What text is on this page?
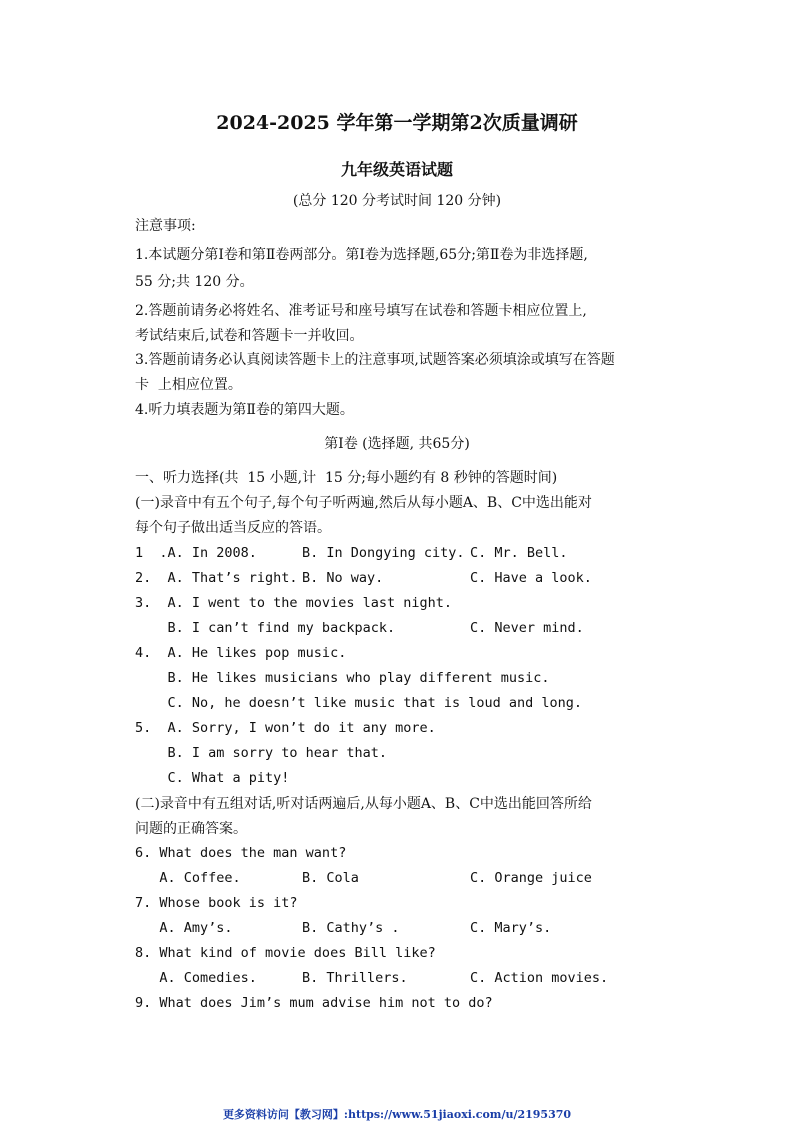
2024-2025 学年第一学期第2次质量调研
九年级英语试题
(总分 120 分考试时间 120 分钟)
注意事项:
1.本试题分第Ⅰ卷和第Ⅱ卷两部分。第Ⅰ卷为选择题,65分;第Ⅱ卷为非选择题,
55 分;共 120 分。
2.答题前请务必将姓名、准考证号和座号填写在试卷和答题卡相应位置上,
考试结束后,试卷和答题卡一并收回。
3.答题前请务必认真阅读答题卡上的注意事项,试题答案必须填涂或填写在答题
卡  上相应位置。
4.听力填表题为第Ⅱ卷的第四大题。
第Ⅰ卷 (选择题, 共65分)
一、听力选择(共  15 小题,计  15 分;每小题约有 8 秒钟的答题时间)
(一)录音中有五个句子,每个句子听两遍,然后从每小题A、B、C中选出能对
每个句子做出适当反应的答语。
1  .A. In 2008.	B. In Dongying city. C. Mr. Bell.
2.  A. That’s right. B. No way.	C. Have a look.
3.  A. I went to the movies last night.
B. I can’t find my backpack.	C. Never mind.
4.  A. He likes pop music.
B. He likes musicians who play different music.
C. No, he doesn’t like music that is loud and long.
5.  A. Sorry, I won’t do it any more.
B. I am sorry to hear that.
C. What a pity!
(二)录音中有五组对话,听对话两遍后,从每小题A、B、C中选出能回答所给
问题的正确答案。
6. What does the man want?
A. Coffee.	B. Cola	C. Orange juice
7. Whose book is it?
A. Amy’s.	B. Cathy’s .	C. Mary’s.
8. What kind of movie does Bill like?
A. Comedies.	B. Thrillers.	C. Action movies.
9. What does Jim’s mum advise him not to do?
更多资料访问【教习网】:https://www.51jiaoxi.com/u/2195370
